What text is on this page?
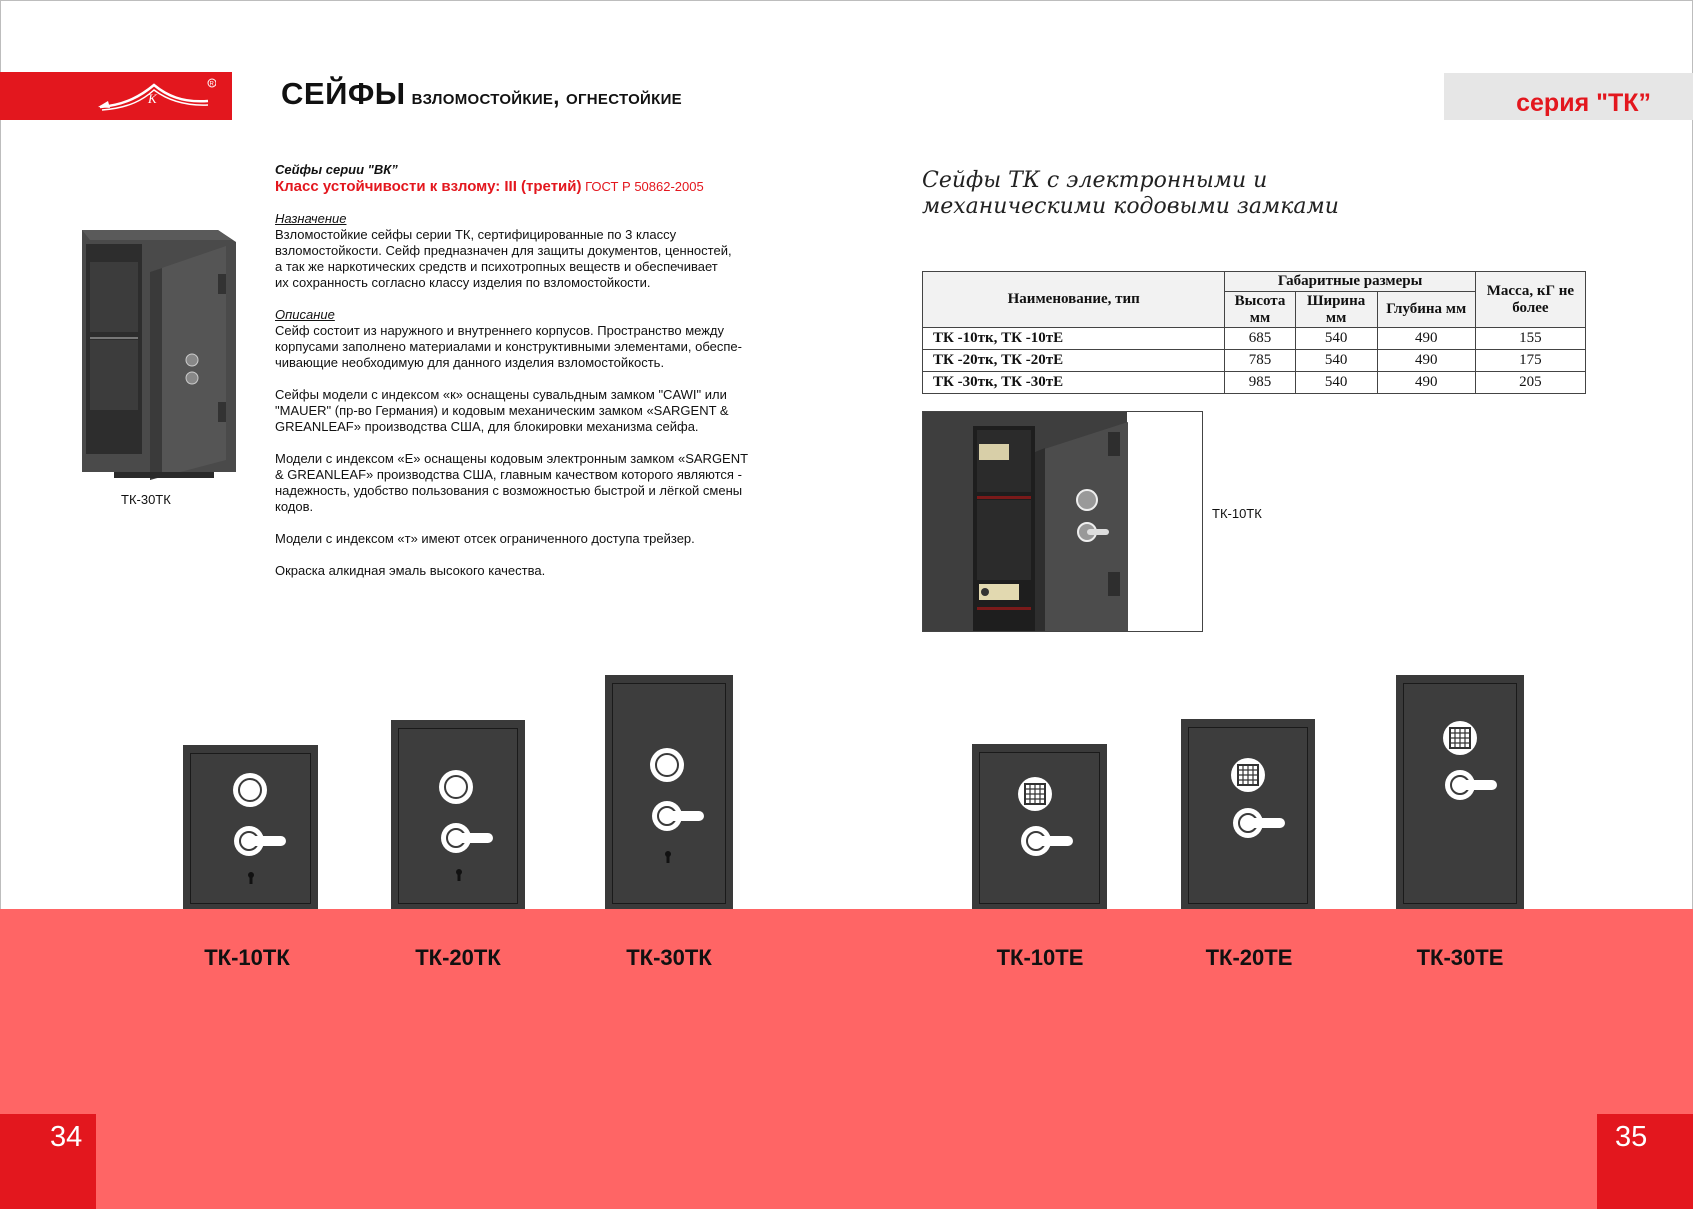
K
R СЕЙФЫ взломостойкие, огнестойкие	серия "ТК”
ТК-30ТК
Сейфы серии "ВК”
Класс устойчивости к взлому: III (третий) ГОСТ Р 50862-2005
Назначение
Взломостойкие сейфы серии ТК, сертифицированные по 3 классу
взломостойкости. Сейф предназначен для защиты документов, ценностей,
а так же наркотических средств и психотропных веществ и обеспечивает
их сохранность согласно классу изделия по взломостойкости.
Описание
Сейф состоит из наружного и внутреннего корпусов. Пространство между
корпусами заполнено материалами и конструктивными элементами, обеспе-
чивающие необходимую для данного изделия взломостойкость.
Сейфы модели с индексом «к» оснащены сувальдным замком "CAWI" или
"MAUER" (пр-во Германия) и кодовым механическим замком «SARGENT &
GREANLEAF» производства США, для блокировки механизма сейфа.
Модели с индексом «Е» оснащены кодовым электронным замком «SARGENT
& GREANLEAF» производства США, главным качеством которого являются -
надежность, удобство пользования с возможностью быстрой и лёгкой смены
кодов.
Модели с индексом «т» имеют отсек ограниченного доступа трейзер.
Окраска алкидная эмаль высокого качества.
Сейфы ТК с электронными и
механическими кодовыми замками
Наименование, тип	Габаритные размеры			Масса, кГ не более
	Высота мм	Ширина мм	Глубина мм	
ТК -10тк, ТК -10тЕ	685	540	490	155
ТК -20тк, ТК -20тЕ	785	540	490	175
ТК -30тк, ТК -30тЕ	985	540	490	205
ТК-10ТК
ТК-10ТК	ТК-20ТК	ТК-30ТК	ТК-10ТЕ	ТК-20ТЕ	ТК-30ТЕ
34	35
